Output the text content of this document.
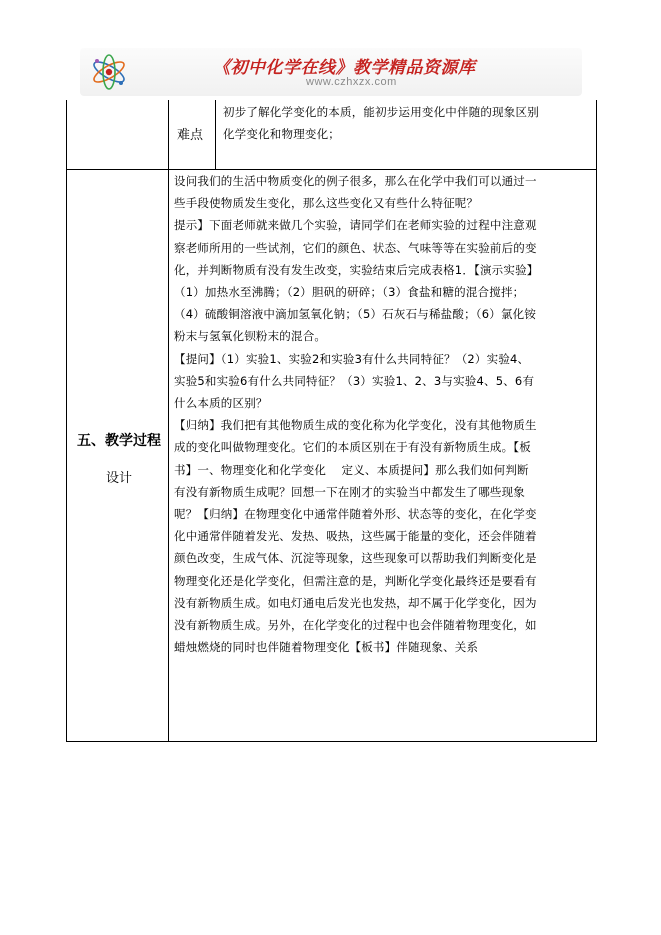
《初中化学在线》教学精品资源库
www.czhxzx.com
难点
初步了解化学变化的本质，能初步运用变化中伴随的现象区别
化学变化和物理变化；
五、教学过程
设计
设问我们的生活中物质变化的例子很多，那么在化学中我们可以通过一
些手段使物质发生变化，那么这些变化又有些什么特征呢？
提示】下面老师就来做几个实验，请同学们在老师实验的过程中注意观
察老师所用的一些试剂，它们的颜色、状态、气味等等在实验前后的变
化，并判断物质有没有发生改变，实验结束后完成表格1．【演示实验】
（1）加热水至沸腾；（2）胆矾的研碎；（3）食盐和糖的混合搅拌；
（4）硫酸铜溶液中滴加氢氧化钠；（5）石灰石与稀盐酸；（6）氯化铵
粉末与氢氧化钡粉末的混合。
【提问】（1）实验1、实验2和实验3有什么共同特征？（2）实验4、
实验5和实验6有什么共同特征？（3）实验1、2、3与实验4、5、6有
什么本质的区别？
【归纳】我们把有其他物质生成的变化称为化学变化，没有其他物质生
成的变化叫做物理变化。它们的本质区别在于有没有新物质生成。【板
书】一、物理变化和化学变化    定义、本质提问】那么我们如何判断
有没有新物质生成呢？回想一下在刚才的实验当中都发生了哪些现象
呢？【归纳】在物理变化中通常伴随着外形、状态等的变化，在化学变
化中通常伴随着发光、发热、吸热，这些属于能量的变化，还会伴随着
颜色改变，生成气体、沉淀等现象，这些现象可以帮助我们判断变化是
物理变化还是化学变化，但需注意的是，判断化学变化最终还是要看有
没有新物质生成。如电灯通电后发光也发热，却不属于化学变化，因为
没有新物质生成。另外，在化学变化的过程中也会伴随着物理变化，如
蜡烛燃烧的同时也伴随着物理变化【板书】伴随现象、关系
